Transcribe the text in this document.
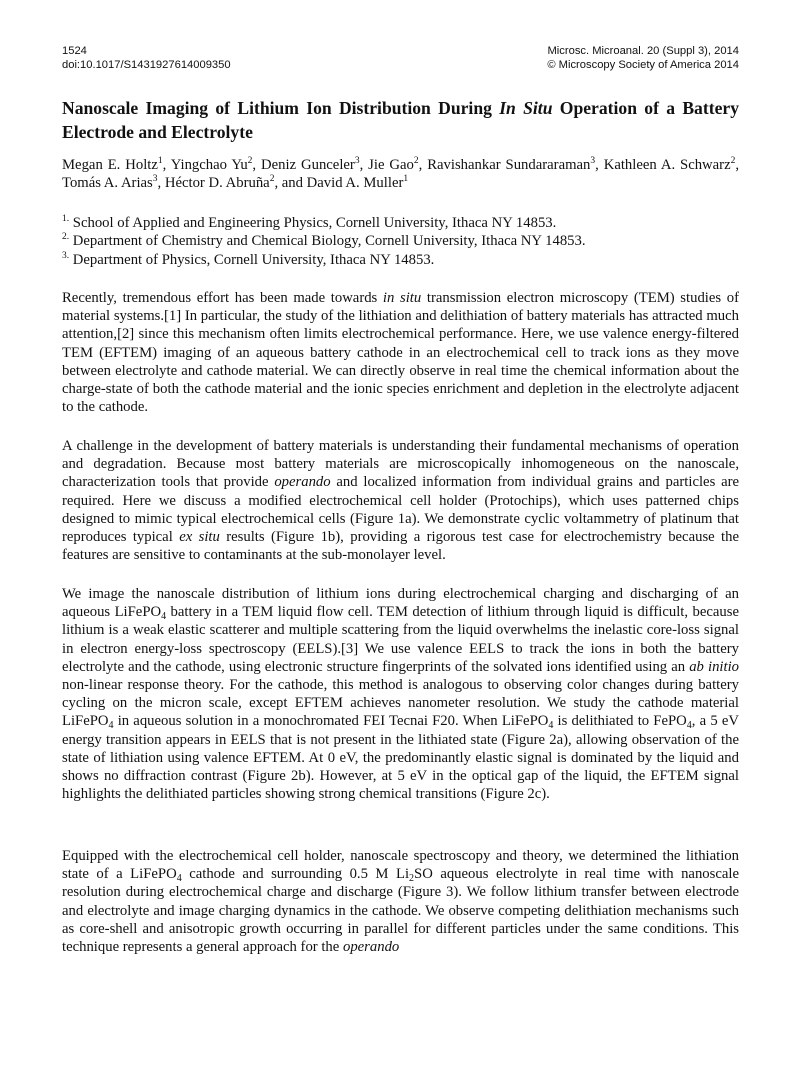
1524
doi:10.1017/S1431927614009350
Microsc. Microanal. 20 (Suppl 3), 2014
© Microscopy Society of America 2014
Nanoscale Imaging of Lithium Ion Distribution During In Situ Operation of a Battery Electrode and Electrolyte

Megan E. Holtz$^1$, Yingchao Yu$^2$, Deniz Gunceler$^3$, Jie Gao$^2$, Ravishankar Sundararaman$^3$, Kathleen A. Schwarz$^2$, Tomás A. Arias$^3$, Héctor D. Abruña$^2$, and David A. Muller$^1$

$^{1.}$ School of Applied and Engineering Physics, Cornell University, Ithaca NY 14853.
$^{2.}$ Department of Chemistry and Chemical Biology, Cornell University, Ithaca NY 14853.
$^{3.}$ Department of Physics, Cornell University, Ithaca NY 14853.

Recently, tremendous effort has been made towards in situ transmission electron microscopy (TEM) studies of material systems.[1] In particular, the study of the lithiation and delithiation of battery materials has attracted much attention,[2] since this mechanism often limits electrochemical performance. Here, we use valence energy-filtered TEM (EFTEM) imaging of an aqueous battery cathode in an electrochemical cell to track ions as they move between electrolyte and cathode material. We can directly observe in real time the chemical information about the charge-state of both the cathode material and the ionic species enrichment and depletion in the electrolyte adjacent to the cathode.

A challenge in the development of battery materials is understanding their fundamental mechanisms of operation and degradation. Because most battery materials are microscopically inhomogeneous on the nanoscale, characterization tools that provide operando and localized information from individual grains and particles are required. Here we discuss a modified electrochemical cell holder (Protochips), which uses patterned chips designed to mimic typical electrochemical cells (Figure 1a). We demonstrate cyclic voltammetry of platinum that reproduces typical ex situ results (Figure 1b), providing a rigorous test case for electrochemistry because the features are sensitive to contaminants at the sub-monolayer level.

We image the nanoscale distribution of lithium ions during electrochemical charging and discharging of an aqueous LiFePO$_4$ battery in a TEM liquid flow cell. TEM detection of lithium through liquid is difficult, because lithium is a weak elastic scatterer and multiple scattering from the liquid overwhelms the inelastic core-loss signal in electron energy-loss spectroscopy (EELS).[3] We use valence EELS to track the ions in both the battery electrolyte and the cathode, using electronic structure fingerprints of the solvated ions identified using an ab initio non-linear response theory. For the cathode, this method is analogous to observing color changes during battery cycling on the micron scale, except EFTEM achieves nanometer resolution. We study the cathode material LiFePO$_4$ in aqueous solution in a monochromated FEI Tecnai F20. When LiFePO$_4$ is delithiated to FePO$_4$, a 5 eV energy transition appears in EELS that is not present in the lithiated state (Figure 2a), allowing observation of the state of lithiation using valence EFTEM. At 0 eV, the predominantly elastic signal is dominated by the liquid and shows no diffraction contrast (Figure 2b). However, at 5 eV in the optical gap of the liquid, the EFTEM signal highlights the delithiated particles showing strong chemical transitions (Figure 2c).

Equipped with the electrochemical cell holder, nanoscale spectroscopy and theory, we determined the lithiation state of a LiFePO$_4$ cathode and surrounding 0.5 M $Li_2SO$ aqueous electrolyte in real time with nanoscale resolution during electrochemical charge and discharge (Figure 3). We follow lithium transfer between electrode and electrolyte and image charging dynamics in the cathode. We observe competing delithiation mechanisms such as core-shell and anisotropic growth occurring in parallel for different particles under the same conditions. This technique represents a general approach for the operando
